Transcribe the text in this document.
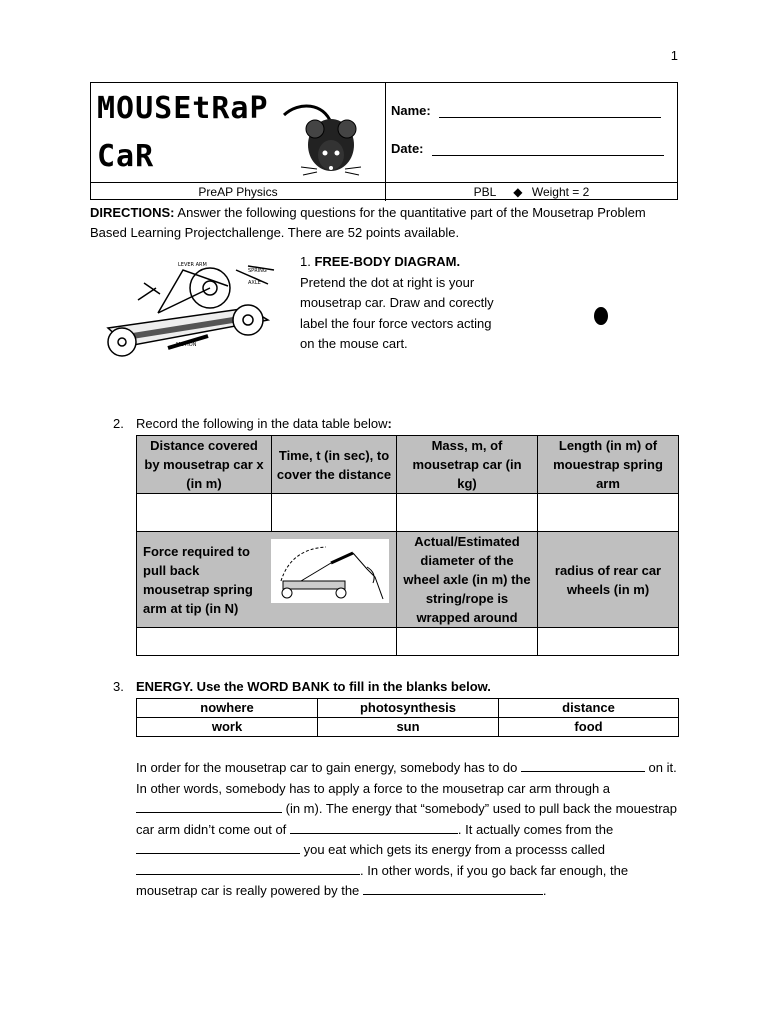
1
MOUSEtRaP
CaR
Name:
Date:
PreAP Physics	PBL ◆ Weight = 2
DIRECTIONS: Answer the following questions for the quantitative part of the Mousetrap Problem Based Learning Projectchallenge. There are 52 points available.
LEVER ARM
SPRING
AXLE
MOTION
1. FREE-BODY DIAGRAM.
Pretend the dot at right is your mousetrap car. Draw and corectly label the four force vectors acting on the mouse cart.
2. Record the following in the data table below:
Distance covered by mousetrap car x (in m)	Time, t (in sec), to cover the distance	Mass, m, of mousetrap car (in kg)	Length (in m) of mouestrap spring arm

Force required to pull back mousetrap spring arm at tip (in N)		Actual/Estimated diameter of the wheel axle (in m) the string/rope is wrapped around	radius of rear car wheels (in m)

3. ENERGY. Use the WORD BANK to fill in the blanks below.
nowhere	photosynthesis	distance
work	sun	food
In order for the mousetrap car to gain energy, somebody has to do	on it. In other words, somebody has to apply a force to the mousetrap car arm through a  (in m). The energy that “somebody” used to pull back the mouestrap car arm didn’t come out of	. It actually comes from the  you eat which gets its energy from a processs called . In other words, if you go back far enough, the mousetrap car is really powered by the	.
